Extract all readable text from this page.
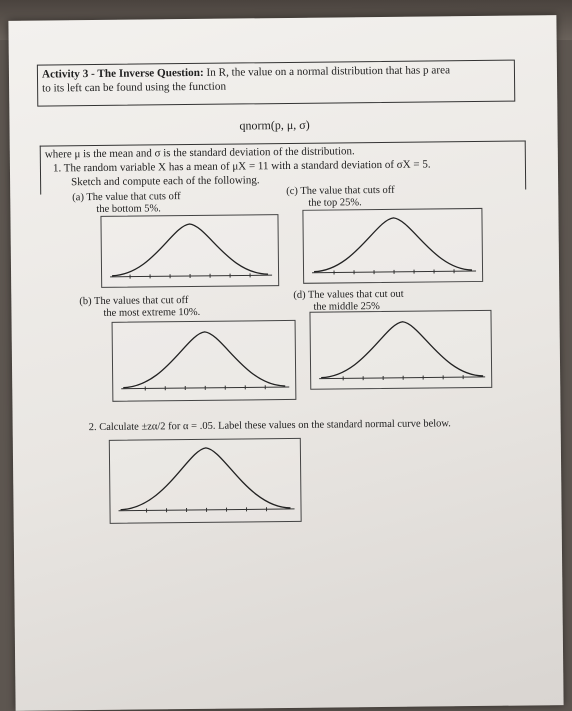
Activity 3 - The Inverse Question: In R, the value on a normal distribution that has p area
to its left can be found using the function
qnorm(p, μ, σ)
where μ is the mean and σ is the standard deviation of the distribution.
1. The random variable X has a mean of μX = 11 with a standard deviation of σX = 5.
Sketch and compute each of the following.
(a) The value that cuts off
the bottom 5%.
(c) The value that cuts off
the top 25%.
(b) The values that cut off
the most extreme 10%.
(d) The values that cut out
the middle 25%
2. Calculate ±zα/2 for α = .05. Label these values on the standard normal curve below.
